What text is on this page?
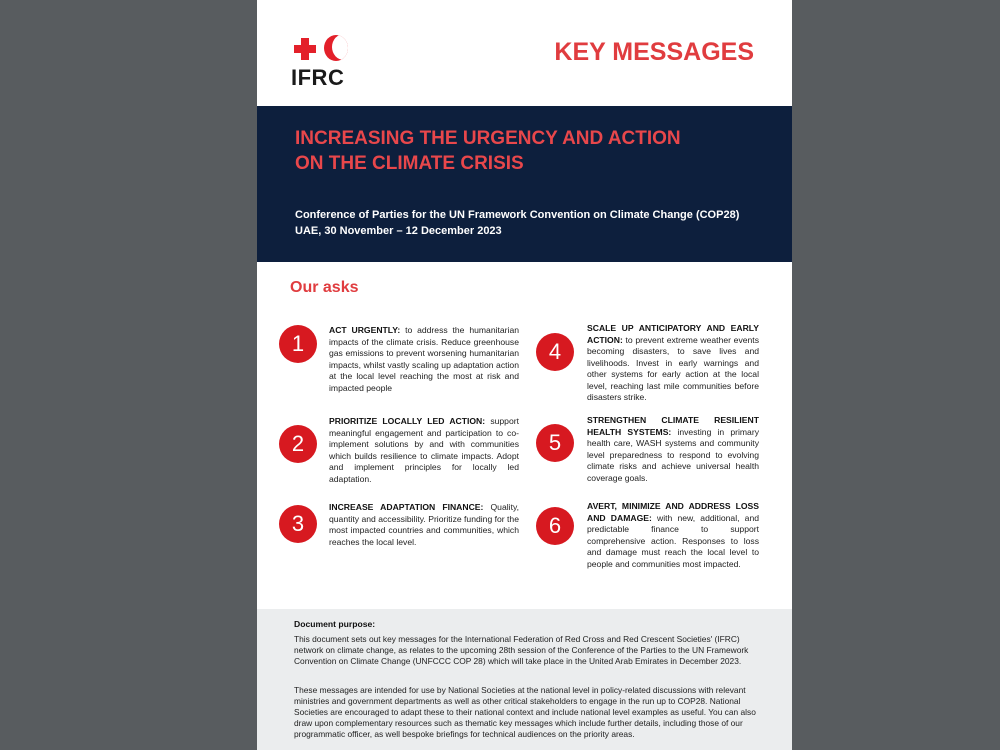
IFRC
KEY MESSAGES
INCREASING THE URGENCY AND ACTION
ON THE CLIMATE CRISIS
Conference of Parties for the UN Framework Convention on Climate Change (COP28)
UAE, 30 November – 12 December 2023
Our asks
1
ACT URGENTLY: to address the humanitarian impacts of the climate crisis. Reduce greenhouse gas emissions to prevent worsening humanitarian impacts, whilst vastly scaling up adaptation action at the local level reaching the most at risk and impacted people
2
PRIORITIZE LOCALLY LED ACTION: support meaningful engagement and participation to co-implement solutions by and with communities which builds resilience to climate impacts. Adopt and implement principles for locally led adaptation.
3
INCREASE ADAPTATION FINANCE: Quality, quantity and accessibility. Prioritize funding for the most impacted countries and communities, which reaches the local level.
4
SCALE UP ANTICIPATORY AND EARLY ACTION: to prevent extreme weather events becoming disasters, to save lives and livelihoods. Invest in early warnings and other systems for early action at the local level, reaching last mile communities before disasters strike.
5
STRENGTHEN CLIMATE RESILIENT HEALTH SYSTEMS: investing in primary health care, WASH systems and community level preparedness to respond to evolving climate risks and achieve universal health coverage goals.
6
AVERT, MINIMIZE AND ADDRESS LOSS AND DAMAGE: with new, additional, and predictable finance to support comprehensive action. Responses to loss and damage must reach the local level to people and communities most impacted.
Document purpose:
This document sets out key messages for the International Federation of Red Cross and Red Crescent Societies' (IFRC) network on climate change, as relates to the upcoming 28th session of the Conference of the Parties to the UN Framework Convention on Climate Change (UNFCCC COP 28) which will take place in the United Arab Emirates in December 2023.
These messages are intended for use by National Societies at the national level in policy-related discussions with relevant ministries and government departments as well as other critical stakeholders to engage in the run up to COP28. National Societies are encouraged to adapt these to their national context and include national level examples as useful. You can also draw upon complementary resources such as thematic key messages which include further details, including those of our programmatic officer, as well bespoke briefings for technical audiences on the priority areas.
